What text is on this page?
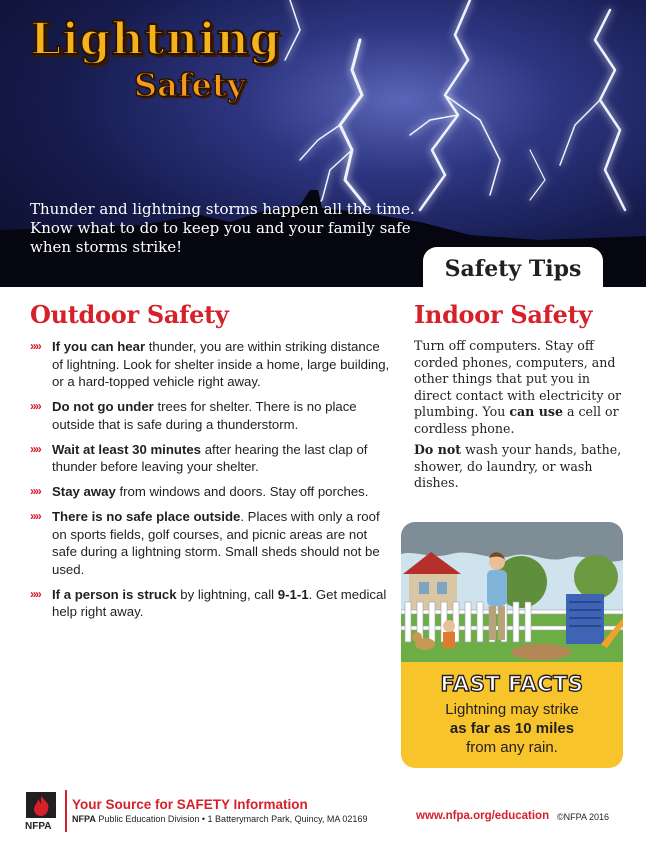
Lightning
Safety
Thunder and lightning storms happen all the time. Know what to do to keep you and your family safe when storms strike!
Safety Tips
Outdoor Safety
»» If you can hear thunder, you are within striking distance of lightning. Look for shelter inside a home, large building, or a hard-topped vehicle right away.
»» Do not go under trees for shelter. There is no place outside that is safe during a thunderstorm.
»» Wait at least 30 minutes after hearing the last clap of thunder before leaving your shelter.
»» Stay away from windows and doors. Stay off porches.
»» There is no safe place outside. Places with only a roof on sports fields, golf courses, and picnic areas are not safe during a lightning storm. Small sheds should not be used.
»» If a person is struck by lightning, call 9-1-1. Get medical help right away.
Indoor Safety

Turn off computers. Stay off corded phones, computers, and other things that put you in direct contact with electricity or plumbing. You can use a cell or cordless phone.

Do not wash your hands, bathe, shower, do laundry, or wash dishes.

FAST FACTS
Lightning may strike
as far as 10 miles
from any rain.
NFPA
Your Source for SAFETY Information
NFPA Public Education Division • 1 Batterymarch Park, Quincy, MA 02169	www.nfpa.org/education ©NFPA 2016
